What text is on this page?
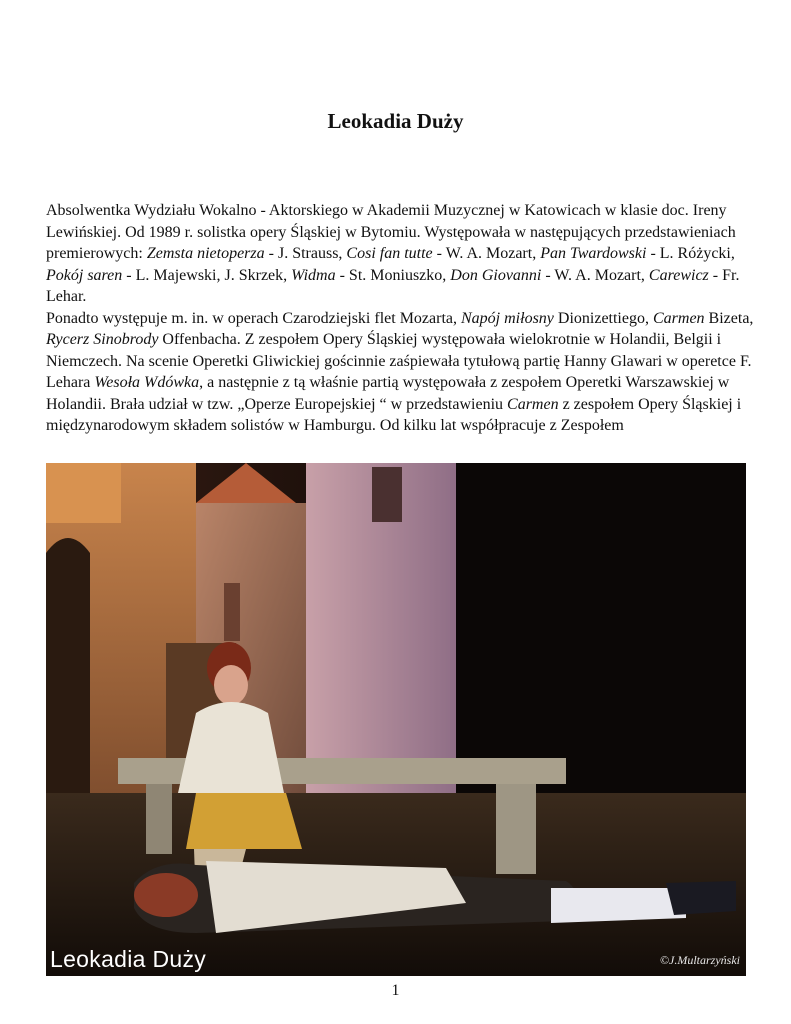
Leokadia Duży

Absolwentka Wydziału Wokalno - Aktorskiego w Akademii Muzycznej w Katowicach w klasie doc. Ireny Lewińskiej. Od 1989 r. solistka opery Śląskiej w Bytomiu. Występowała w następujących przedstawieniach premierowych: Zemsta nietoperza - J. Strauss, Cosi fan tutte - W. A. Mozart, Pan Twardowski - L. Różycki, Pokój saren - L. Majewski, J. Skrzek, Widma - St. Moniuszko, Don Giovanni - W. A. Mozart, Carewicz - Fr. Lehar.

Ponadto występuje m. in. w operach Czarodziejski flet Mozarta, Napój miłosny Dionizettiego, Carmen Bizeta, Rycerz Sinobrody Offenbacha. Z zespołem Opery Śląskiej występowała wielokrotnie w Holandii, Belgii i Niemczech. Na scenie Operetki Gliwickiej gościnnie zaśpiewała tytułową partię Hanny Glawari w operetce F. Lehara Wesoła Wdówka, a następnie z tą właśnie partią występowała z zespołem Operetki Warszawskiej w Holandii. Brała udział w tzw. „Operze Europejskiej “ w przedstawieniu Carmen z zespołem Opery Śląskiej i międzynarodowym składem solistów w Hamburgu. Od kilku lat współpracuje z Zespołem

Leokadia Duży	©J.Multarzyński
1
